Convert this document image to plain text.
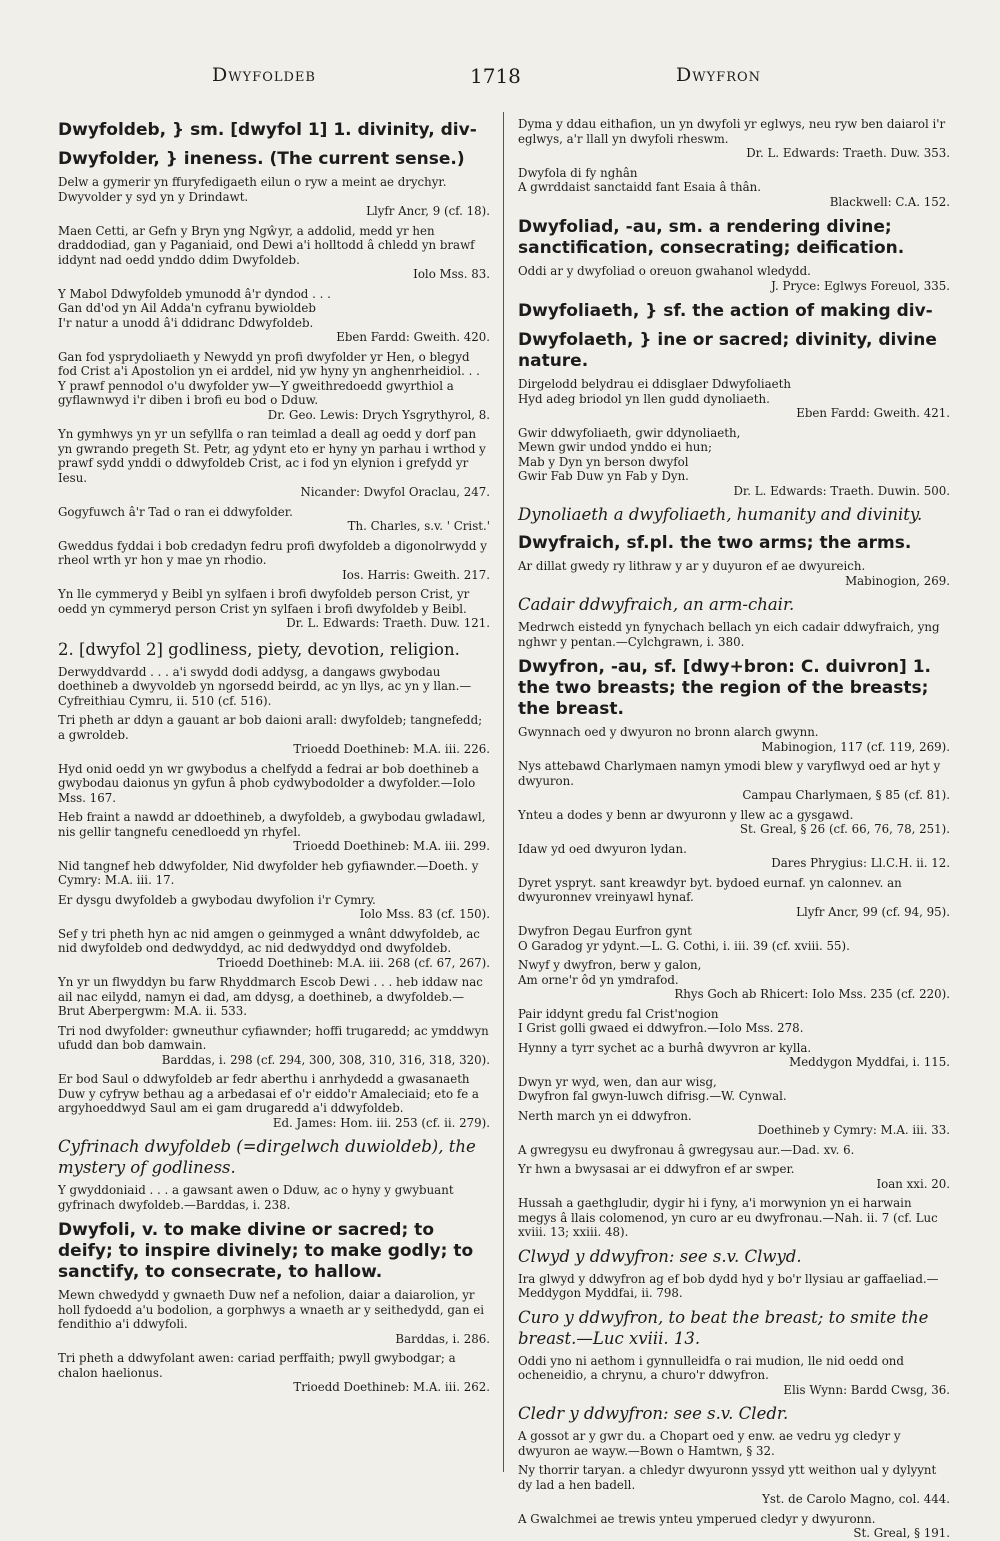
Dwyfoldeb	1718	Dwyfron

Dwyfoldeb, } sm. [dwyfol 1] 1. divinity, div-

Dwyfolder, } ineness. (The current sense.)

Delw a gymerir yn ffuryfedigaeth eilun o ryw a meint ae drychyr. Dwyvolder y syd yn y Drindawt.

Llyfr Ancr, 9 (cf. 18).

Maen Cetti, ar Gefn y Bryn yng Ngŵyr, a addolid, medd yr hen draddodiad, gan y Paganiaid, ond Dewi a'i holltodd â chledd yn brawf iddynt nad oedd ynddo ddim Dwyfoldeb.

Iolo Mss. 83.

Y Mabol Ddwyfoldeb ymunodd â'r dyndod . . .
Gan dd'od yn Ail Adda'n cyfranu bywioldeb
I'r natur a unodd â'i ddidranc Ddwyfoldeb.

Eben Fardd: Gweith. 420.

Gan fod ysprydoliaeth y Newydd yn profi dwyfolder yr Hen, o blegyd fod Crist a'i Apostolion yn ei arddel, nid yw hyny yn anghenrheidiol. . . Y prawf pennodol o'u dwyfolder yw—Y gweithredoedd gwyrthiol a gyflawnwyd i'r diben i brofi eu bod o Dduw.

Dr. Geo. Lewis: Drych Ysgrythyrol, 8.

Yn gymhwys yn yr un sefyllfa o ran teimlad a deall ag oedd y dorf pan yn gwrando pregeth St. Petr, ag ydynt eto er hyny yn parhau i wrthod y prawf sydd ynddi o ddwyfoldeb Crist, ac i fod yn elynion i grefydd yr Iesu.

Nicander: Dwyfol Oraclau, 247.

Gogyfuwch â'r Tad o ran ei ddwyfolder.

Th. Charles, s.v. ' Crist.'

Gweddus fyddai i bob credadyn fedru profi dwyfoldeb a digonolrwydd y rheol wrth yr hon y mae yn rhodio.

Ios. Harris: Gweith. 217.

Yn lle cymmeryd y Beibl yn sylfaen i brofi dwyfoldeb person Crist, yr oedd yn cymmeryd person Crist yn sylfaen i brofi dwyfoldeb y Beibl.

Dr. L. Edwards: Traeth. Duw. 121.

2. [dwyfol 2] godliness, piety, devotion, religion.

Derwyddvardd . . . a'i swydd dodi addysg, a dangaws gwybodau doethineb a dwyvoldeb yn ngorsedd beirdd, ac yn llys, ac yn y llan.—Cyfreithiau Cymru, ii. 510 (cf. 516).

Tri pheth ar ddyn a gauant ar bob daioni arall: dwyfoldeb; tangnefedd; a gwroldeb.

Trioedd Doethineb: M.A. iii. 226.

Hyd onid oedd yn wr gwybodus a chelfydd a fedrai ar bob doethineb a gwybodau daionus yn gyfun â phob cydwybodolder a dwyfolder.—Iolo Mss. 167.

Heb fraint a nawdd ar ddoethineb, a dwyfoldeb, a gwybodau gwladawl, nis gellir tangnefu cenedloedd yn rhyfel.

Trioedd Doethineb: M.A. iii. 299.

Nid tangnef heb ddwyfolder, Nid dwyfolder heb gyfiawnder.—Doeth. y Cymry: M.A. iii. 17.

Er dysgu dwyfoldeb a gwybodau dwyfolion i'r Cymry.

Iolo Mss. 83 (cf. 150).

Sef y tri pheth hyn ac nid amgen o geinmyged a wnânt ddwyfoldeb, ac nid dwyfoldeb ond dedwyddyd, ac nid dedwyddyd ond dwyfoldeb.

Trioedd Doethineb: M.A. iii. 268 (cf. 67, 267).

Yn yr un flwyddyn bu farw Rhyddmarch Escob Dewi . . . heb iddaw nac ail nac eilydd, namyn ei dad, am ddysg, a doethineb, a dwyfoldeb.—Brut Aberpergwm: M.A. ii. 533.

Tri nod dwyfolder: gwneuthur cyfiawnder; hoffi trugaredd; ac ymddwyn ufudd dan bob damwain.

Barddas, i. 298 (cf. 294, 300, 308, 310, 316, 318, 320).

Er bod Saul o ddwyfoldeb ar fedr aberthu i anrhydedd a gwasanaeth Duw y cyfryw bethau ag a arbedasai ef o'r eiddo'r Amaleciaid; eto fe a argyhoeddwyd Saul am ei gam drugaredd a'i ddwyfoldeb.

Ed. James: Hom. iii. 253 (cf. ii. 279).

Cyfrinach dwyfoldeb (=dirgelwch duwioldeb), the mystery of godliness.

Y gwyddoniaid . . . a gawsant awen o Dduw, ac o hyny y gwybuant gyfrinach dwyfoldeb.—Barddas, i. 238.

Dwyfoli, v. to make divine or sacred; to deify; to inspire divinely; to make godly; to sanctify, to consecrate, to hallow.

Mewn chwedydd y gwnaeth Duw nef a nefolion, daiar a daiarolion, yr holl fydoedd a'u bodolion, a gorphwys a wnaeth ar y seithedydd, gan ei fendithio a'i ddwyfoli.

Barddas, i. 286.

Tri pheth a ddwyfolant awen: cariad perffaith; pwyll gwybodgar; a chalon haelionus.

Trioedd Doethineb: M.A. iii. 262.

Dyma y ddau eithafion, un yn dwyfoli yr eglwys, neu ryw ben daiarol i'r eglwys, a'r llall yn dwyfoli rheswm.

Dr. L. Edwards: Traeth. Duw. 353.

Dwyfola di fy nghân
A gwrddaist sanctaidd fant Esaia â thân.

Blackwell: C.A. 152.

Dwyfoliad, -au, sm. a rendering divine; sanctification, consecrating; deification.

Oddi ar y dwyfoliad o oreuon gwahanol wledydd.

J. Pryce: Eglwys Foreuol, 335.

Dwyfoliaeth, } sf. the action of making div-

Dwyfolaeth, } ine or sacred; divinity, divine nature.

Dirgelodd belydrau ei ddisglaer Ddwyfoliaeth
Hyd adeg briodol yn llen gudd dynoliaeth.

Eben Fardd: Gweith. 421.

Gwir ddwyfoliaeth, gwir ddynoliaeth,
Mewn gwir undod ynddo ei hun;
Mab y Dyn yn berson dwyfol
Gwir Fab Duw yn Fab y Dyn.

Dr. L. Edwards: Traeth. Duwin. 500.

Dynoliaeth a dwyfoliaeth, humanity and divinity.

Dwyfraich, sf.pl. the two arms; the arms.

Ar dillat gwedy ry lithraw y ar y duyuron ef ae dwyureich.

Mabinogion, 269.

Cadair ddwyfraich, an arm-chair.

Medrwch eistedd yn fynychach bellach yn eich cadair ddwyfraich, yng nghwr y pentan.—Cylchgrawn, i. 380.

Dwyfron, -au, sf. [dwy+bron: C. duivron] 1. the two breasts; the region of the breasts; the breast.

Gwynnach oed y dwyuron no bronn alarch gwynn.

Mabinogion, 117 (cf. 119, 269).

Nys attebawd Charlymaen namyn ymodi blew y varyflwyd oed ar hyt y dwyuron.

Campau Charlymaen, § 85 (cf. 81).

Ynteu a dodes y benn ar dwyuronn y llew ac a gysgawd.

St. Greal, § 26 (cf. 66, 76, 78, 251).

Idaw yd oed dwyuron lydan.

Dares Phrygius: Ll.C.H. ii. 12.

Dyret yspryt. sant kreawdyr byt. bydoed eurnaf. yn calonnev. an dwyuronnev vreinyawl hynaf.

Llyfr Ancr, 99 (cf. 94, 95).

Dwyfron Degau Eurfron gynt
O Garadog yr ydynt.—L. G. Cothi, i. iii. 39 (cf. xviii. 55).

Nwyf y dwyfron, berw y galon,
Am orne'r ôd yn ymdrafod.

Rhys Goch ab Rhicert: Iolo Mss. 235 (cf. 220).

Pair iddynt gredu fal Crist'nogion
I Grist golli gwaed ei ddwyfron.—Iolo Mss. 278.

Hynny a tyrr sychet ac a burhâ dwyvron ar kylla.

Meddygon Myddfai, i. 115.

Dwyn yr wyd, wen, dan aur wisg,
Dwyfron fal gwyn-luwch difrisg.—W. Cynwal.

Nerth march yn ei ddwyfron.

Doethineb y Cymry: M.A. iii. 33.

A gwregysu eu dwyfronau â gwregysau aur.—Dad. xv. 6.

Yr hwn a bwysasai ar ei ddwyfron ef ar swper.

Ioan xxi. 20.

Hussah a gaethgludir, dygir hi i fyny, a'i morwynion yn ei harwain megys â llais colomenod, yn curo ar eu dwyfronau.—Nah. ii. 7 (cf. Luc xviii. 13; xxiii. 48).

Clwyd y ddwyfron: see s.v. Clwyd.

Ira glwyd y ddwyfron ag ef bob dydd hyd y bo'r llysiau ar gaffaeliad.—Meddygon Myddfai, ii. 798.

Curo y ddwyfron, to beat the breast; to smite the breast.—Luc xviii. 13.

Oddi yno ni aethom i gynnulleidfa o rai mudion, lle nid oedd ond ocheneidio, a chrynu, a churo'r ddwyfron.

Elis Wynn: Bardd Cwsg, 36.

Cledr y ddwyfron: see s.v. Cledr.

A gossot ar y gwr du. a Chopart oed y enw. ae vedru yg cledyr y dwyuron ae wayw.—Bown o Hamtwn, § 32.

Ny thorrir taryan. a chledyr dwyuronn yssyd ytt weithon ual y dylyynt dy lad a hen badell.

Yst. de Carolo Magno, col. 444.

A Gwalchmei ae trewis ynteu ymperued cledyr y dwyuronn.

St. Greal, § 191.
